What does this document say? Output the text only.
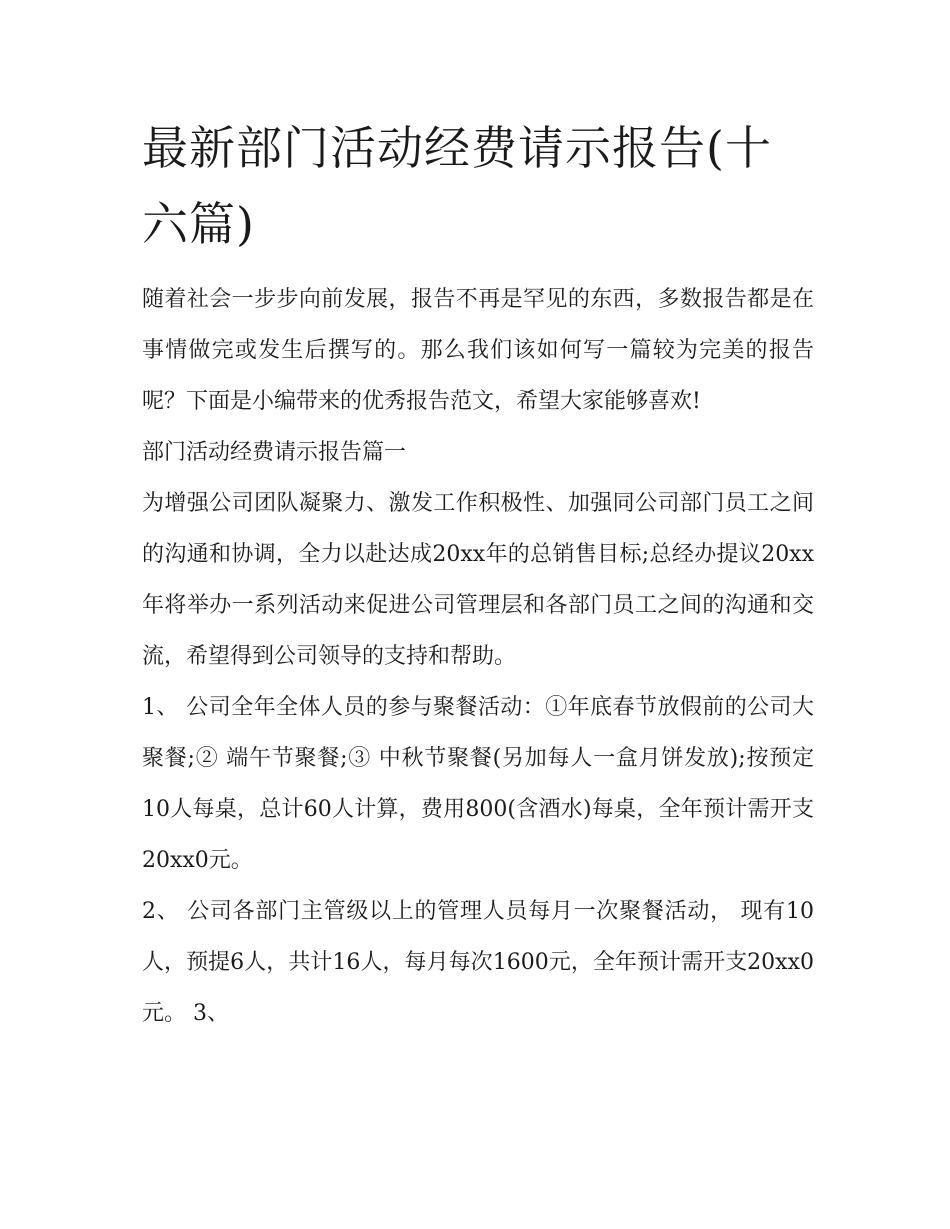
最新部门活动经费请示报告(十六篇)

随着社会一步步向前发展，报告不再是罕见的东西，多数报告都是在事情做完或发生后撰写的。那么我们该如何写一篇较为完美的报告呢？下面是小编带来的优秀报告范文，希望大家能够喜欢!

部门活动经费请示报告篇一

为增强公司团队凝聚力、激发工作积极性、加强同公司部门员工之间的沟通和协调，全力以赴达成20xx年的总销售目标;总经办提议20xx年将举办一系列活动来促进公司管理层和各部门员工之间的沟通和交流，希望得到公司领导的支持和帮助。

1、 公司全年全体人员的参与聚餐活动：①年底春节放假前的公司大聚餐;② 端午节聚餐;③ 中秋节聚餐(另加每人一盒月饼发放);按预定10人每桌，总计60人计算，费用800(含酒水)每桌，全年预计需开支20xx0元。

2、 公司各部门主管级以上的管理人员每月一次聚餐活动， 现有10人，预提6人，共计16人，每月每次1600元，全年预计需开支20xx0元。 3、
